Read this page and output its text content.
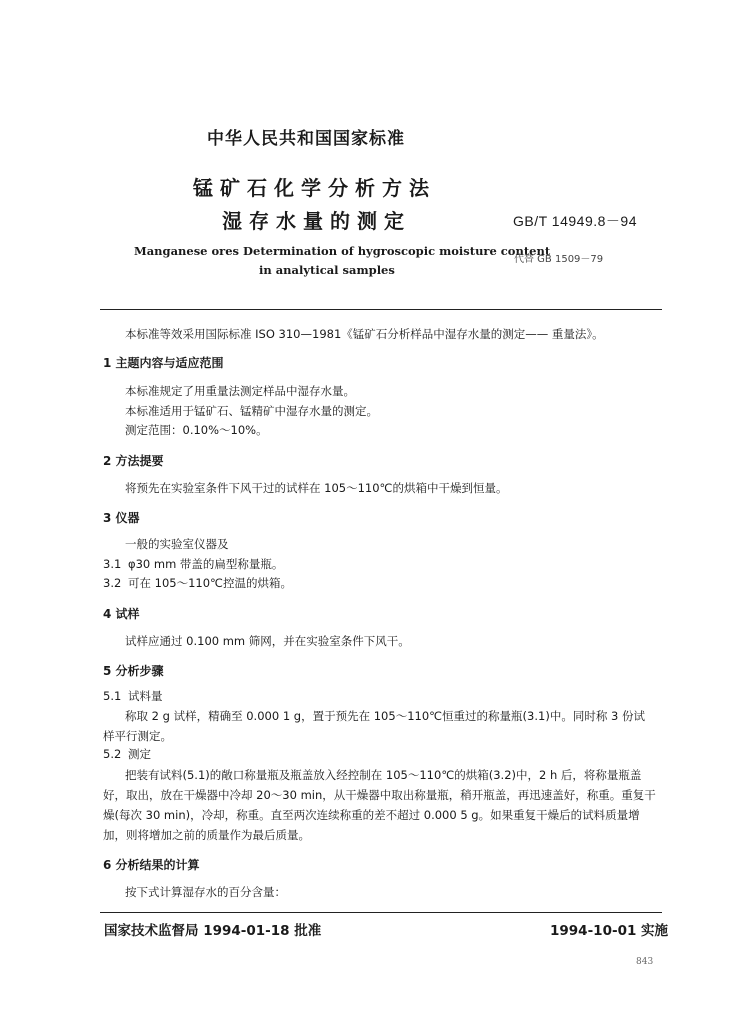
中华人民共和国国家标准
锰矿石化学分析方法
湿存水量的测定	GB/T 14949.8－94
Manganese ores Determination of hygroscopic moisture content
in analytical samples
代替 GB 1509－79
本标准等效采用国际标准 ISO 310—1981《锰矿石分析样品中湿存水量的测定—— 重量法》。
1 主题内容与适应范围
本标准规定了用重量法测定样品中湿存水量。
本标准适用于锰矿石、锰精矿中湿存水量的测定。
测定范围：0.10%～10%。
2 方法提要
将预先在实验室条件下风干过的试样在 105～110℃的烘箱中干燥到恒量。
3 仪器
一般的实验室仪器及
3.1 φ30 mm 带盖的扁型称量瓶。
3.2 可在 105～110℃控温的烘箱。
4 试样
试样应通过 0.100 mm 筛网，并在实验室条件下风干。
5 分析步骤
5.1 试料量
称取 2 g 试样，精确至 0.000 1 g，置于预先在 105～110℃恒重过的称量瓶(3.1)中。同时称 3 份试
样平行测定。
5.2 测定
把装有试料(5.1)的敞口称量瓶及瓶盖放入经控制在 105～110℃的烘箱(3.2)中，2 h 后，将称量瓶盖
好，取出，放在干燥器中冷却 20～30 min，从干燥器中取出称量瓶，稍开瓶盖，再迅速盖好，称重。重复干
燥(每次 30 min)，冷却，称重。直至两次连续称重的差不超过 0.000 5 g。如果重复干燥后的试料质量增
加，则将增加之前的质量作为最后质量。
6 分析结果的计算
按下式计算湿存水的百分含量：
国家技术监督局 1994-01-18 批准	1994-10-01 实施
843
